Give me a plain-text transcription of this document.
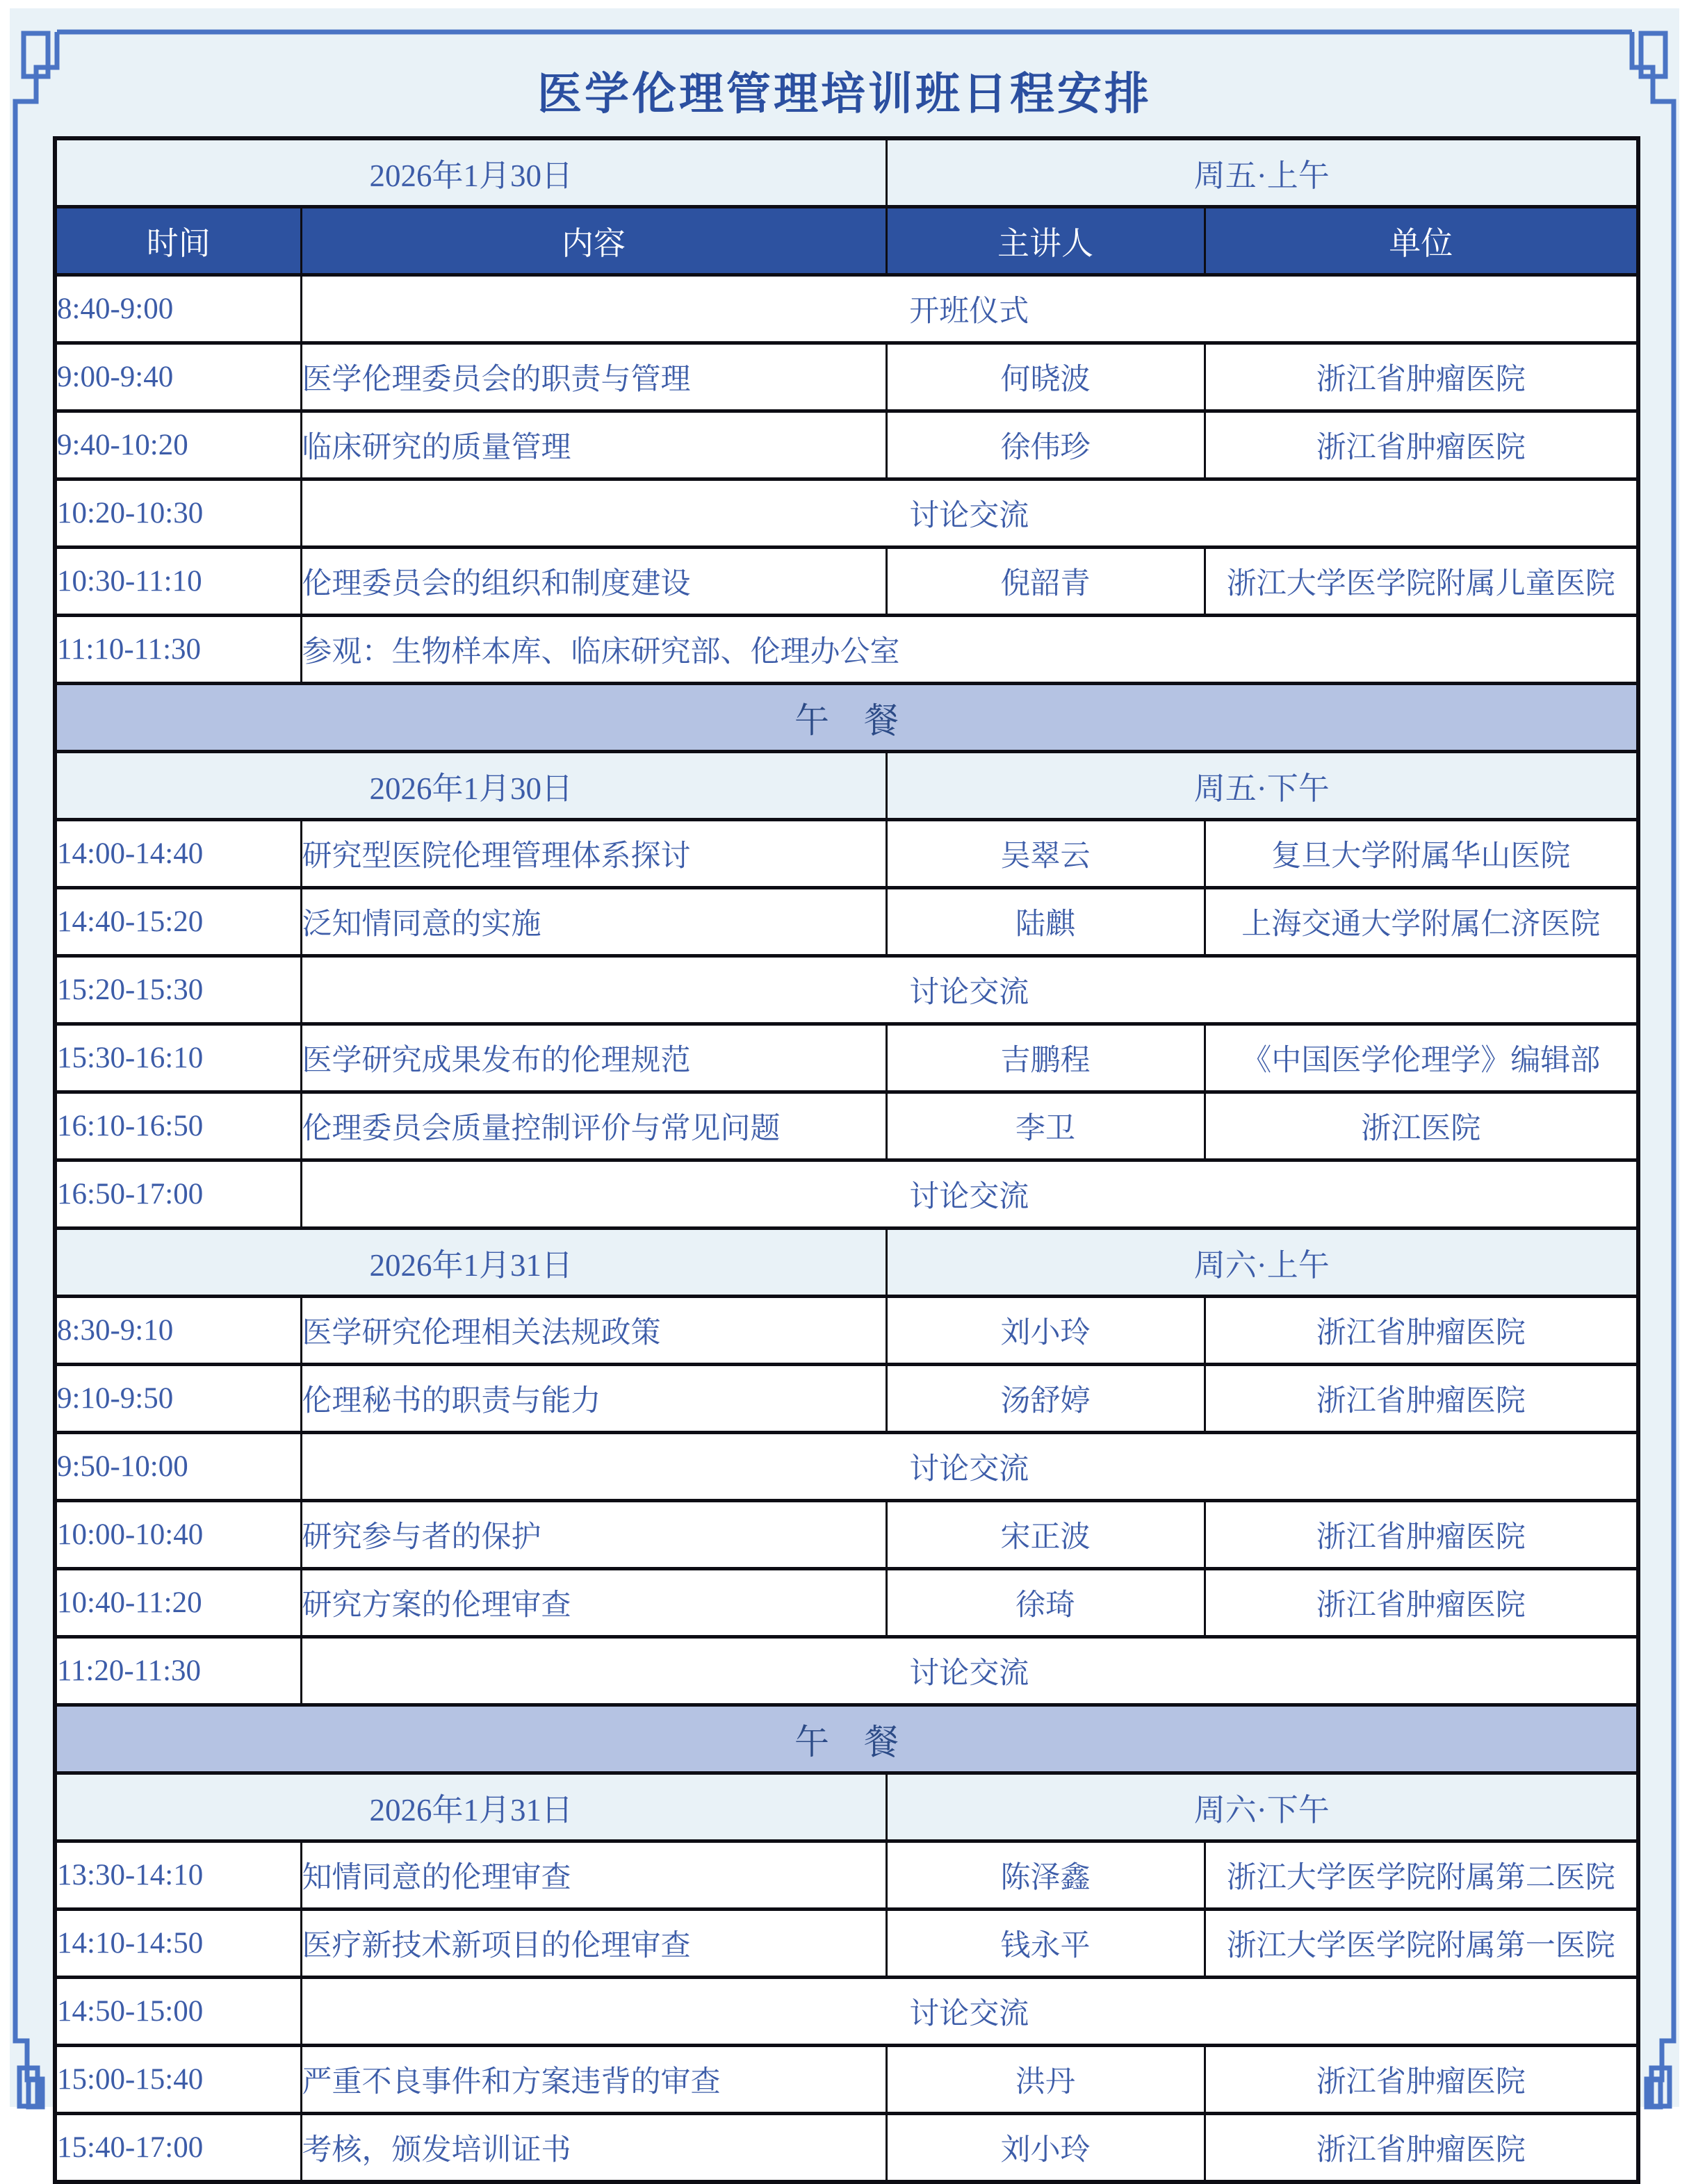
医学伦理管理培训班日程安排
2026年1月30日		周五·上午	
时间	内容	主讲人	单位
8:40-9:00	开班仪式		
9:00-9:40	医学伦理委员会的职责与管理	何晓波	浙江省肿瘤医院
9:40-10:20	临床研究的质量管理	徐伟珍	浙江省肿瘤医院
10:20-10:30	讨论交流		
10:30-11:10	伦理委员会的组织和制度建设	倪韶青	浙江大学医学院附属儿童医院
11:10-11:30	参观：生物样本库、临床研究部、伦理办公室		
午　餐			
2026年1月30日		周五·下午	
14:00-14:40	研究型医院伦理管理体系探讨	吴翠云	复旦大学附属华山医院
14:40-15:20	泛知情同意的实施	陆麒	上海交通大学附属仁济医院
15:20-15:30	讨论交流		
15:30-16:10	医学研究成果发布的伦理规范	吉鹏程	《中国医学伦理学》编辑部
16:10-16:50	伦理委员会质量控制评价与常见问题	李卫	浙江医院
16:50-17:00	讨论交流		
2026年1月31日		周六·上午	
8:30-9:10	医学研究伦理相关法规政策	刘小玲	浙江省肿瘤医院
9:10-9:50	伦理秘书的职责与能力	汤舒婷	浙江省肿瘤医院
9:50-10:00	讨论交流		
10:00-10:40	研究参与者的保护	宋正波	浙江省肿瘤医院
10:40-11:20	研究方案的伦理审查	徐琦	浙江省肿瘤医院
11:20-11:30	讨论交流		
午　餐			
2026年1月31日		周六·下午	
13:30-14:10	知情同意的伦理审查	陈泽鑫	浙江大学医学院附属第二医院
14:10-14:50	医疗新技术新项目的伦理审查	钱永平	浙江大学医学院附属第一医院
14:50-15:00	讨论交流		
15:00-15:40	严重不良事件和方案违背的审查	洪丹	浙江省肿瘤医院
15:40-17:00	考核，颁发培训证书	刘小玲	浙江省肿瘤医院
